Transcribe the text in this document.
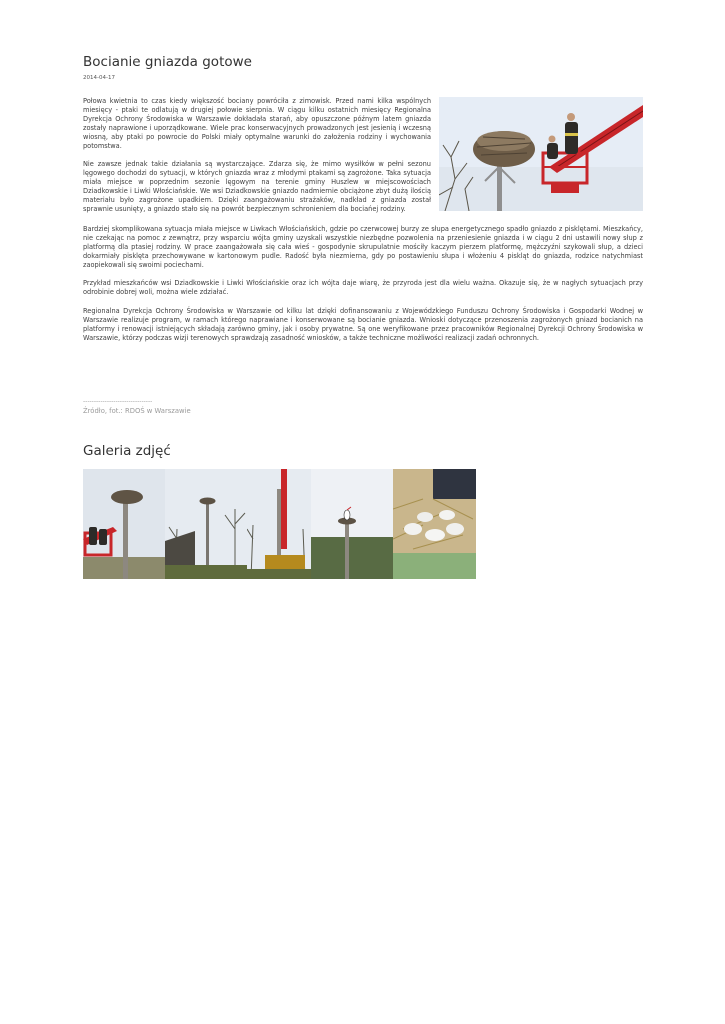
Bocianie gniazda gotowe
2014-04-17

Połowa kwietnia to czas kiedy większość bociany powróciła z zimowisk. Przed nami kilka wspólnych miesięcy - ptaki te odlatują w drugiej połowie sierpnia. W ciągu kilku ostatnich miesięcy Regionalna Dyrekcja Ochrony Środowiska w Warszawie dokładała starań, aby opuszczone późnym latem gniazda zostały naprawione i uporządkowane. Wiele prac konserwacyjnych prowadzonych jest jesienią i wczesną wiosną, aby ptaki po powrocie do Polski miały optymalne warunki do założenia rodziny i wychowania potomstwa.

Nie zawsze jednak takie działania są wystarczające. Zdarza się, że mimo wysiłków w pełni sezonu lęgowego dochodzi do sytuacji, w których gniazda wraz z młodymi ptakami są zagrożone. Taka sytuacja miała miejsce w poprzednim sezonie lęgowym na terenie gminy Huszlew w miejscowościach Dziadkowskie i Liwki Włościańskie. We wsi Dziadkowskie gniazdo nadmiernie obciążone zbyt dużą ilością materiału było zagrożone upadkiem. Dzięki zaangażowaniu strażaków, nadkład z gniazda został sprawnie usunięty, a gniazdo stało się na powrót bezpiecznym schronieniem dla bociańej rodziny.

Bardziej skomplikowana sytuacja miała miejsce w Liwkach Włościańskich, gdzie po czerwcowej burzy ze słupa energetycznego spadło gniazdo z pisklętami. Mieszkańcy, nie czekając na pomoc z zewnątrz, przy wsparciu wójta gminy uzyskali wszystkie niezbędne pozwolenia na przeniesienie gniazda i w ciągu 2 dni ustawili nowy słup z platformą dla ptasiej rodziny. W prace zaangażowała się cała wieś - gospodynie skrupulatnie mościły kaczym pierzem platformę, mężczyźni szykowali słup, a dzieci dokarmiały pisklęta przechowywane w kartonowym pudle. Radość była niezmierna, gdy po postawieniu słupa i włożeniu 4 piskląt do gniazda, rodzice natychmiast zaopiekowali się swoimi pociechami.

Przykład mieszkańców wsi Dziadkowskie i Liwki Włościańskie oraz ich wójta daje wiarę, że przyroda jest dla wielu ważna. Okazuje się, że w nagłych sytuacjach przy odrobinie dobrej woli, można wiele zdziałać.

Regionalna Dyrekcja Ochrony Środowiska w Warszawie od kilku lat dzięki dofinansowaniu z Wojewódzkiego Funduszu Ochrony Środowiska i Gospodarki Wodnej w Warszawie realizuje program, w ramach którego naprawiane i konserwowane są bocianie gniazda. Wnioski dotyczące przenoszenia zagrożonych gniazd bocianich na platformy i renowacji istniejących składają zarówno gminy, jak i osoby prywatne. Są one weryfikowane przez pracowników Regionalnej Dyrekcji Ochrony Środowiska w Warszawie, którzy podczas wizji terenowych sprawdzają zasadność wniosków, a także techniczne możliwości realizacji zadań ochronnych.

--------------------------------
Źródło, fot.: RDOŚ w Warszawie
Galeria zdjęć
